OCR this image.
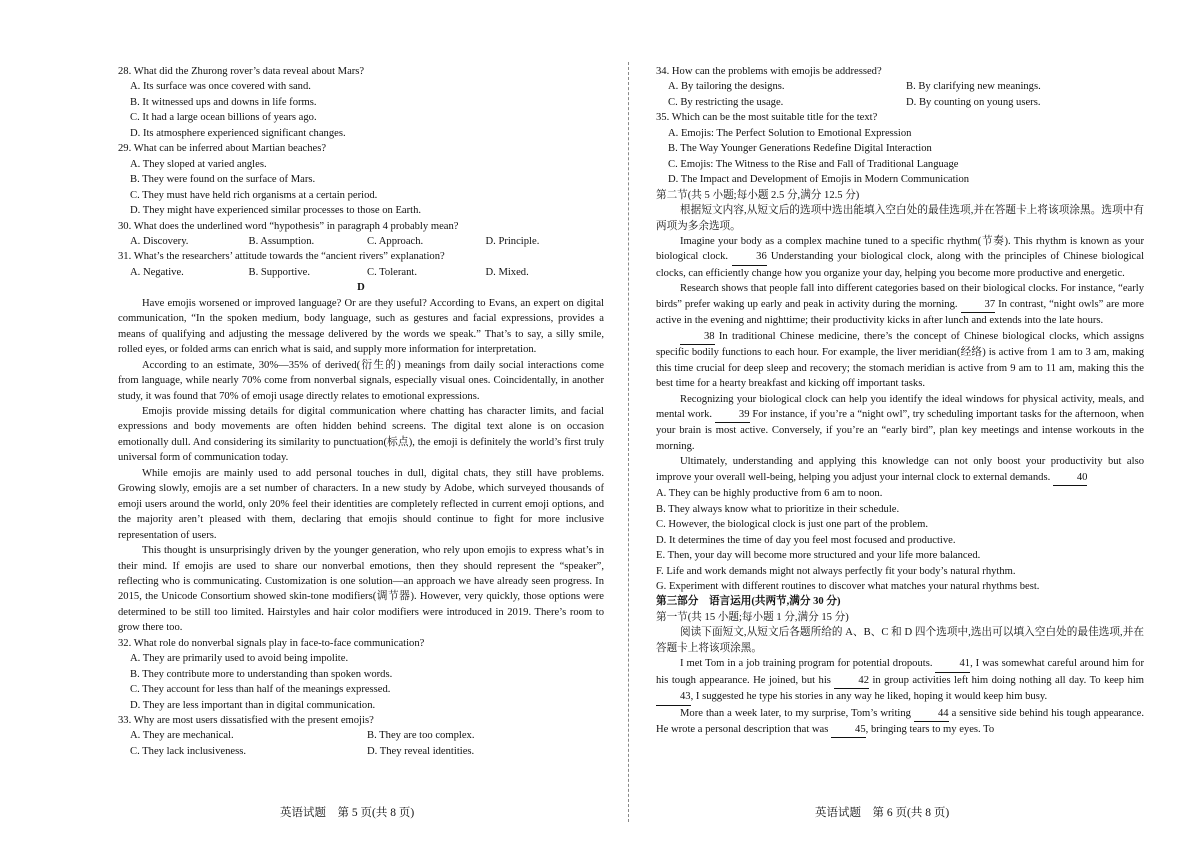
28. What did the Zhurong rover’s data reveal about Mars?
A. Its surface was once covered with sand.
B. It witnessed ups and downs in life forms.
C. It had a large ocean billions of years ago.
D. Its atmosphere experienced significant changes.
29. What can be inferred about Martian beaches?
A. They sloped at varied angles.
B. They were found on the surface of Mars.
C. They must have held rich organisms at a certain period.
D. They might have experienced similar processes to those on Earth.
30. What does the underlined word “hypothesis” in paragraph 4 probably mean?
A. Discovery.	B. Assumption.	C. Approach.	D. Principle.
31. What’s the researchers’ attitude towards the “ancient rivers” explanation?
A. Negative.	B. Supportive.	C. Tolerant.	D. Mixed.
D
Have emojis worsened or improved language? Or are they useful? According to Evans, an expert on digital communication, “In the spoken medium, body language, such as gestures and facial expressions, provides a means of qualifying and adjusting the message delivered by the words we speak.” That’s to say, a silly smile, rolled eyes, or folded arms can enrich what is said, and supply more information for interpretation.
According to an estimate, 30%—35% of derived(衍生的) meanings from daily social interactions come from language, while nearly 70% come from nonverbal signals, especially visual ones. Coincidentally, in another study, it was found that 70% of emoji usage directly relates to emotional expressions.
Emojis provide missing details for digital communication where chatting has character limits, and facial expressions and body movements are often hidden behind screens. The digital text alone is on occasion emotionally dull. And considering its similarity to punctuation(标点), the emoji is definitely the world’s first truly universal form of communication today.
While emojis are mainly used to add personal touches in dull, digital chats, they still have problems. Growing slowly, emojis are a set number of characters. In a new study by Adobe, which surveyed thousands of emoji users around the world, only 20% feel their identities are completely reflected in current emoji options, and the majority aren’t pleased with them, declaring that emojis should continue to fight for more inclusive representation of users.
This thought is unsurprisingly driven by the younger generation, who rely upon emojis to express what’s in their mind. If emojis are used to share our nonverbal emotions, then they should represent the “speaker”, reflecting who is communicating. Customization is one solution—an approach we have already seen progress. In 2015, the Unicode Consortium showed skin-tone modifiers(调节器). However, very quickly, those options were determined to be still too limited. Hairstyles and hair color modifiers were introduced in 2019. There’s room to grow there too.
32. What role do nonverbal signals play in face-to-face communication?
A. They are primarily used to avoid being impolite.
B. They contribute more to understanding than spoken words.
C. They account for less than half of the meanings expressed.
D. They are less important than in digital communication.
33. Why are most users dissatisfied with the present emojis?
A. They are mechanical.	B. They are too complex.
C. They lack inclusiveness.	D. They reveal identities.
34. How can the problems with emojis be addressed?
A. By tailoring the designs.	B. By clarifying new meanings.
C. By restricting the usage.	D. By counting on young users.
35. Which can be the most suitable title for the text?
A. Emojis: The Perfect Solution to Emotional Expression
B. The Way Younger Generations Redefine Digital Interaction
C. Emojis: The Witness to the Rise and Fall of Traditional Language
D. The Impact and Development of Emojis in Modern Communication
第二节(共 5 小题;每小题 2.5 分,满分 12.5 分)
根据短文内容,从短文后的选项中选出能填入空白处的最佳选项,并在答题卡上将该项涂黑。选项中有两项为多余选项。
Imagine your body as a complex machine tuned to a specific rhythm(节奏). This rhythm is known as your biological clock.	36 Understanding your biological clock, along with the principles of Chinese biological clocks, can efficiently change how you organize your day, helping you become more productive and energetic.
Research shows that people fall into different categories based on their biological clocks. For instance, “early birds” prefer waking up early and peak in activity during the morning.	37 In contrast, “night owls” are more active in the evening and nighttime; their productivity kicks in after lunch and extends into the late hours.
38 In traditional Chinese medicine, there’s the concept of Chinese biological clocks, which assigns specific bodily functions to each hour. For example, the liver meridian(经络) is active from 1 am to 3 am, making this time crucial for deep sleep and recovery; the stomach meridian is active from 9 am to 11 am, making this the best time for a hearty breakfast and kicking off important tasks.
Recognizing your biological clock can help you identify the ideal windows for physical activity, meals, and mental work.	39 For instance, if you’re a “night owl”, try scheduling important tasks for the afternoon, when your brain is most active. Conversely, if you’re an “early bird”, plan key meetings and intense workouts in the morning.
Ultimately, understanding and applying this knowledge can not only boost your productivity but also improve your overall well-being, helping you adjust your internal clock to external demands.	40
A. They can be highly productive from 6 am to noon.
B. They always know what to prioritize in their schedule.
C. However, the biological clock is just one part of the problem.
D. It determines the time of day you feel most focused and productive.
E. Then, your day will become more structured and your life more balanced.
F. Life and work demands might not always perfectly fit your body’s natural rhythm.
G. Experiment with different routines to discover what matches your natural rhythms best.
第三部分　语言运用(共两节,满分 30 分)
第一节(共 15 小题;每小题 1 分,满分 15 分)
阅读下面短文,从短文后各题所给的 A、B、C 和 D 四个选项中,选出可以填入空白处的最佳选项,并在答题卡上将该项涂黑。
I met Tom in a job training program for potential dropouts.	41, I was somewhat careful around him for his tough appearance. He joined, but his	42 in group activities left him doing nothing all day. To keep him 43, I suggested he type his stories in any way he liked, hoping it would keep him busy.
More than a week later, to my surprise, Tom’s writing	44 a sensitive side behind his tough appearance. He wrote a personal description that was	45, bringing tears to my eyes. To
英语试题　第 5 页(共 8 页)	英语试题　第 6 页(共 8 页)
